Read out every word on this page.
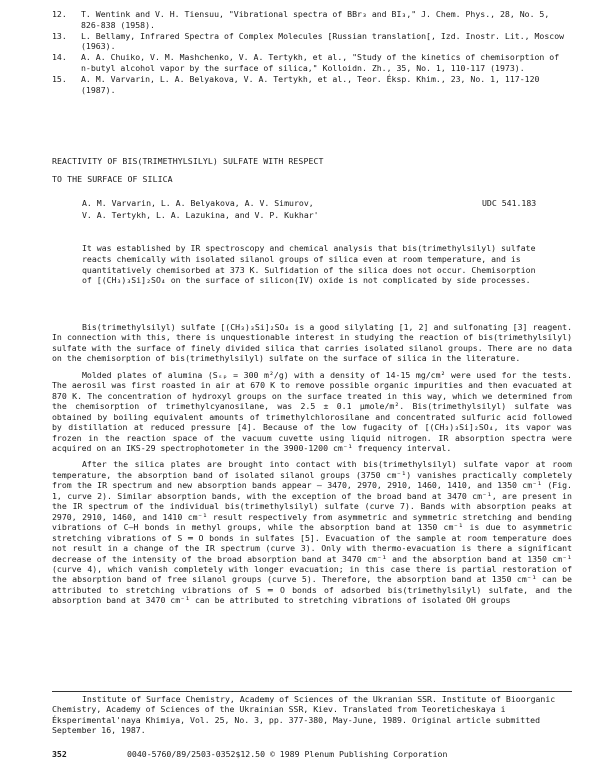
12.	T. Wentink and V. H. Tiensuu, "Vibrational spectra of BBr₃ and BI₃," J. Chem. Phys., 28, No. 5, 826-838 (1958).
13.	L. Bellamy, Infrared Spectra of Complex Molecules [Russian translation[, Izd. Inostr. Lit., Moscow (1963).
14.	A. A. Chuiko, V. M. Mashchenko, V. A. Tertykh, et al., "Study of the kinetics of chemisorption of n-butyl alcohol vapor by the surface of silica," Kolloidn. Zh., 35, No. 1, 110-117 (1973).
15.	A. M. Varvarin, L. A. Belyakova, V. A. Tertykh, et al., Teor. Éksp. Khim., 23, No. 1, 117-120 (1987).
REACTIVITY OF BIS(TRIMETHYLSILYL) SULFATE WITH RESPECT
TO THE SURFACE OF SILICA
A. M. Varvarin, L. A. Belyakova, A. V. Simurov,
V. A. Tertykh, L. A. Lazukina, and V. P. Kukhar'
UDC 541.183
It was established by IR spectroscopy and chemical analysis that bis(trimethylsilyl) sulfate reacts chemically with isolated silanol groups of silica even at room temperature, and is quantitatively chemisorbed at 373 K. Sulfidation of the silica does not occur. Chemisorption of [(CH₃)₃Si]₂SO₄ on the surface of silicon(IV) oxide is not complicated by side processes.

Bis(trimethylsilyl) sulfate [(CH₃)₃Si]₂SO₄ is a good silylating [1, 2] and sulfonating [3] reagent. In connection with this, there is unquestionable interest in studying the reaction of bis(trimethylsilyl) sulfate with the surface of finely divided silica that carries isolated silanol groups. There are no data on the chemisorption of bis(trimethylsilyl) sulfate on the surface of silica in the literature.

Molded plates of alumina (Sₛₚ = 300 m²/g) with a density of 14-15 mg/cm² were used for the tests. The aerosil was first roasted in air at 670 K to remove possible organic impurities and then evacuated at 870 K. The concentration of hydroxyl groups on the surface treated in this way, which we determined from the chemisorption of trimethylcyanosilane, was 2.5 ± 0.1 μmole/m². Bis(trimethylsilyl) sulfate was obtained by boiling equivalent amounts of trimethylchlorosilane and concentrated sulfuric acid followed by distillation at reduced pressure [4]. Because of the low fugacity of [(CH₃)₃Si]₂SO₄, its vapor was frozen in the reaction space of the vacuum cuvette using liquid nitrogen. IR absorption spectra were acquired on an IKS-29 spectrophotometer in the 3900-1200 cm⁻¹ frequency interval.

After the silica plates are brought into contact with bis(trimethylsilyl) sulfate vapor at room temperature, the absorption band of isolated silanol groups (3750 cm⁻¹) vanishes practically completely from the IR spectrum and new absorption bands appear — 3470, 2970, 2910, 1460, 1410, and 1350 cm⁻¹ (Fig. 1, curve 2). Similar absorption bands, with the exception of the broad band at 3470 cm⁻¹, are present in the IR spectrum of the individual bis(trimethylsilyl) sulfate (curve 7). Bands with absorption peaks at 2970, 2910, 1460, and 1410 cm⁻¹ result respectively from asymmetric and symmetric stretching and bending vibrations of C—H bonds in methyl groups, while the absorption band at 1350 cm⁻¹ is due to asymmetric stretching vibrations of S ═ O bonds in sulfates [5]. Evacuation of the sample at room temperature does not result in a change of the IR spectrum (curve 3). Only with thermo-evacuation is there a significant decrease of the intensity of the broad absorption band at 3470 cm⁻¹ and the absorption band at 1350 cm⁻¹ (curve 4), which vanish completely with longer evacuation; in this case there is partial restoration of the absorption band of free silanol groups (curve 5). Therefore, the absorption band at 1350 cm⁻¹ can be attributed to stretching vibrations of S ═ O bonds of adsorbed bis(trimethylsilyl) sulfate, and the absorption band at 3470 cm⁻¹ can be attributed to stretching vibrations of isolated OH groups

Institute of Surface Chemistry, Academy of Sciences of the Ukranian SSR. Institute of Bioorganic Chemistry, Academy of Sciences of the Ukrainian SSR, Kiev. Translated from Teoreticheskaya i Éksperimental'naya Khimiya, Vol. 25, No. 3, pp. 377-380, May-June, 1989. Original article submitted September 16, 1987.
352	0040-5760/89/2503-0352$12.50 © 1989 Plenum Publishing Corporation
